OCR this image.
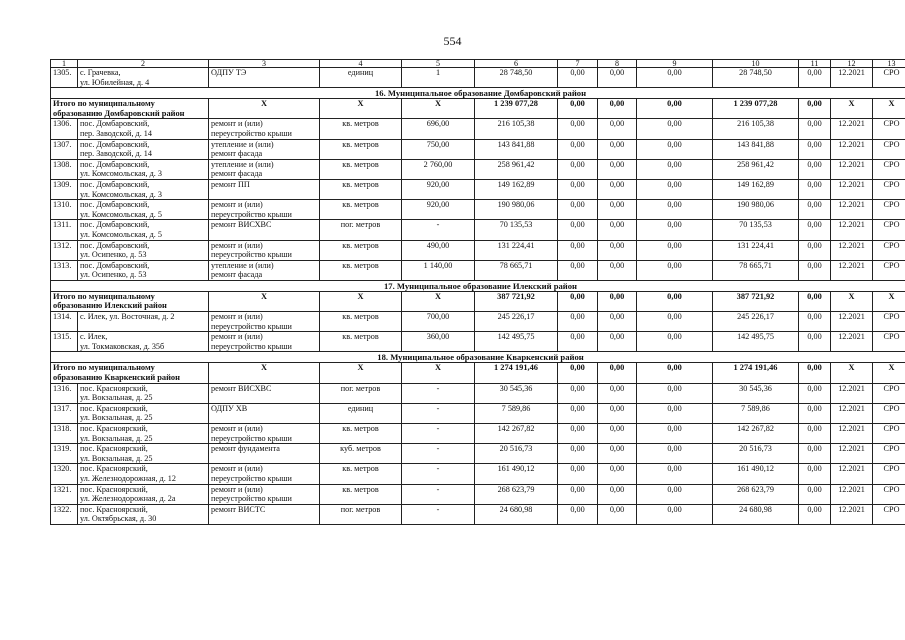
554
1	2	3	4	5	6	7	8	9	10	11	12	13
1305.	с. Грачевка,
ул. Юбилейная, д. 4	ОДПУ ТЭ	единиц	1	28 748,50	0,00	0,00	0,00	28 748,50	0,00	12.2021	СРО
16. Муниципальное образование Домбаровский район												

Итого по муниципальному
образованию Домбаровский район		Х	Х	Х	1 239 077,28	0,00	0,00	0,00	1 239 077,28	0,00	Х	Х
1306.	пос. Домбаровский,
пер. Заводской, д. 14	ремонт и (или)
переустройство крыши	кв. метров	696,00	216 105,38	0,00	0,00	0,00	216 105,38	0,00	12.2021	СРО
1307.	пос. Домбаровский,
пер. Заводской, д. 14	утепление и (или)
ремонт фасада	кв. метров	750,00	143 841,88	0,00	0,00	0,00	143 841,88	0,00	12.2021	СРО
1308.	пос. Домбаровский,
ул. Комсомольская, д. 3	утепление и (или)
ремонт фасада	кв. метров	2 760,00	258 961,42	0,00	0,00	0,00	258 961,42	0,00	12.2021	СРО
1309.	пос. Домбаровский,
ул. Комсомольская, д. 3	ремонт ПП	кв. метров	920,00	149 162,89	0,00	0,00	0,00	149 162,89	0,00	12.2021	СРО
1310.	пос. Домбаровский,
ул. Комсомольская, д. 5	ремонт и (или)
переустройство крыши	кв. метров	920,00	190 980,06	0,00	0,00	0,00	190 980,06	0,00	12.2021	СРО
1311.	пос. Домбаровский,
ул. Комсомольская, д. 5	ремонт ВИСХВС	пог. метров	-	70 135,53	0,00	0,00	0,00	70 135,53	0,00	12.2021	СРО
1312.	пос. Домбаровский,
ул. Осипенко, д. 53	ремонт и (или)
переустройство крыши	кв. метров	490,00	131 224,41	0,00	0,00	0,00	131 224,41	0,00	12.2021	СРО
1313.	пос. Домбаровский,
ул. Осипенко, д. 53	утепление и (или)
ремонт фасада	кв. метров	1 140,00	78 665,71	0,00	0,00	0,00	78 665,71	0,00	12.2021	СРО
17. Муниципальное образование Илекский район												

Итого по муниципальному
образованию Илекский район		Х	Х	Х	387 721,92	0,00	0,00	0,00	387 721,92	0,00	Х	Х
1314.	с. Илек, ул. Восточная, д. 2	ремонт и (или)
переустройство крыши	кв. метров	700,00	245 226,17	0,00	0,00	0,00	245 226,17	0,00	12.2021	СРО
1315.	с. Илек,
ул. Токмаковская, д. 35б	ремонт и (или)
переустройство крыши	кв. метров	360,00	142 495,75	0,00	0,00	0,00	142 495,75	0,00	12.2021	СРО
18. Муниципальное образование Кваркенский район												

Итого по муниципальному
образованию Кваркенский район		Х	Х	Х	1 274 191,46	0,00	0,00	0,00	1 274 191,46	0,00	Х	Х
1316.	пос. Красноярский,
ул. Вокзальная, д. 25	ремонт ВИСХВС	пог. метров	-	30 545,36	0,00	0,00	0,00	30 545,36	0,00	12.2021	СРО
1317.	пос. Красноярский,
ул. Вокзальная, д. 25	ОДПУ ХВ	единиц	-	7 589,86	0,00	0,00	0,00	7 589,86	0,00	12.2021	СРО
1318.	пос. Красноярский,
ул. Вокзальная, д. 25	ремонт и (или)
переустройство крыши	кв. метров	-	142 267,82	0,00	0,00	0,00	142 267,82	0,00	12.2021	СРО
1319.	пос. Красноярский,
ул. Вокзальная, д. 25	ремонт фундамента	куб. метров	-	20 516,73	0,00	0,00	0,00	20 516,73	0,00	12.2021	СРО
1320.	пос. Красноярский,
ул. Железнодорожная, д. 12	ремонт и (или)
переустройство крыши	кв. метров	-	161 490,12	0,00	0,00	0,00	161 490,12	0,00	12.2021	СРО
1321.	пос. Красноярский,
ул. Железнодорожная, д. 2а	ремонт и (или)
переустройство крыши	кв. метров	-	268 623,79	0,00	0,00	0,00	268 623,79	0,00	12.2021	СРО
1322.	пос. Красноярский,
ул. Октябрьская, д. 30	ремонт ВИСТС	пог. метров	-	24 680,98	0,00	0,00	0,00	24 680,98	0,00	12.2021	СРО
